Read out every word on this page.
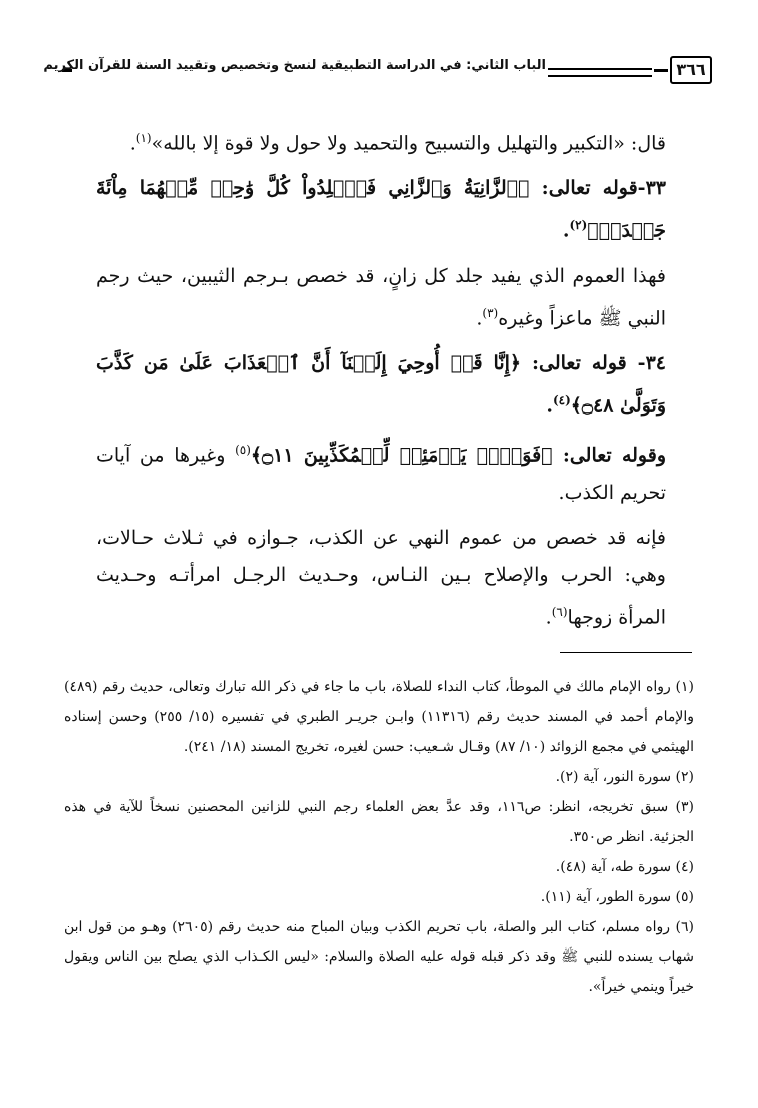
الباب الثاني: في الدراسة التطبيقية لنسخ وتخصيص وتقييد السنة للقرآن الكريم	٣٦٦

قال: «التكبير والتهليل والتسبيح والتحميد ولا حول ولا قوة إلا بالله»$^{(١)}$.

٣٣-قوله تعالى: ﴿ٱلزَّانِيَةُ وَٱلزَّانِي فَٱجۡلِدُواْ كُلَّ وَٰحِدٖ مِّنۡهُمَا مِاْئَةَ جَلۡدَةٖ﴾$^{(٢)}$.

فهذا العموم الذي يفيد جلد كل زانٍ، قد خصص بـرجم الثيبين، حيث رجم النبي ﷺ ماعزاً وغيره$^{(٣)}$.

٣٤- قوله تعالى: ﴿إِنَّا قَدۡ أُوحِيَ إِلَيۡنَآ أَنَّ ٱلۡعَذَابَ عَلَىٰ مَن كَذَّبَ وَتَوَلَّىٰ ۝٤٨﴾$^{(٤)}$.

وقوله تعالى: ﴿فَوَيۡلٞ يَوۡمَئِذٖ لِّلۡمُكَذِّبِينَ ۝١١﴾$^{(٥)}$ وغيرها من آيات تحريم الكذب.

فإنه قد خصص من عموم النهي عن الكذب، جـوازه في ثـلاث حـالات، وهي: الحرب والإصلاح بـين النـاس، وحـديث الرجـل امرأتـه وحـديث المرأة زوجها$^{(٦)}$.

(١) رواه الإمام مالك في الموطأ، كتاب النداء للصلاة، باب ما جاء في ذكر الله تبارك وتعالى، حديث رقم (٤٨٩) والإمام أحمد في المسند حديث رقم (١١٣١٦) وابـن جريـر الطبري في تفسيره (١٥/ ٢٥٥) وحسن إسناده الهيثمي في مجمع الزوائد (١٠/ ٨٧) وقـال شـعيب: حسن لغيره، تخريج المسند (١٨/ ٢٤١).

(٢) سورة النور، آية (٢).

(٣) سبق تخريجه، انظر: ص١١٦، وقد عدَّ بعض العلماء رجم النبي للزانين المحصنين نسخاً للآية في هذه الجزئية. انظر ص٣٥٠.

(٤) سورة طه، آية (٤٨).

(٥) سورة الطور، آية (١١).

(٦) رواه مسلم، كتاب البر والصلة، باب تحريم الكذب وبيان المباح منه حديث رقم (٢٦٠٥) وهـو من قول ابن شهاب يسنده للنبي ﷺ وقد ذكر قبله قوله عليه الصلاة والسلام: «ليس الكـذاب الذي يصلح بين الناس ويقول خيراً وينمي خيراً».
